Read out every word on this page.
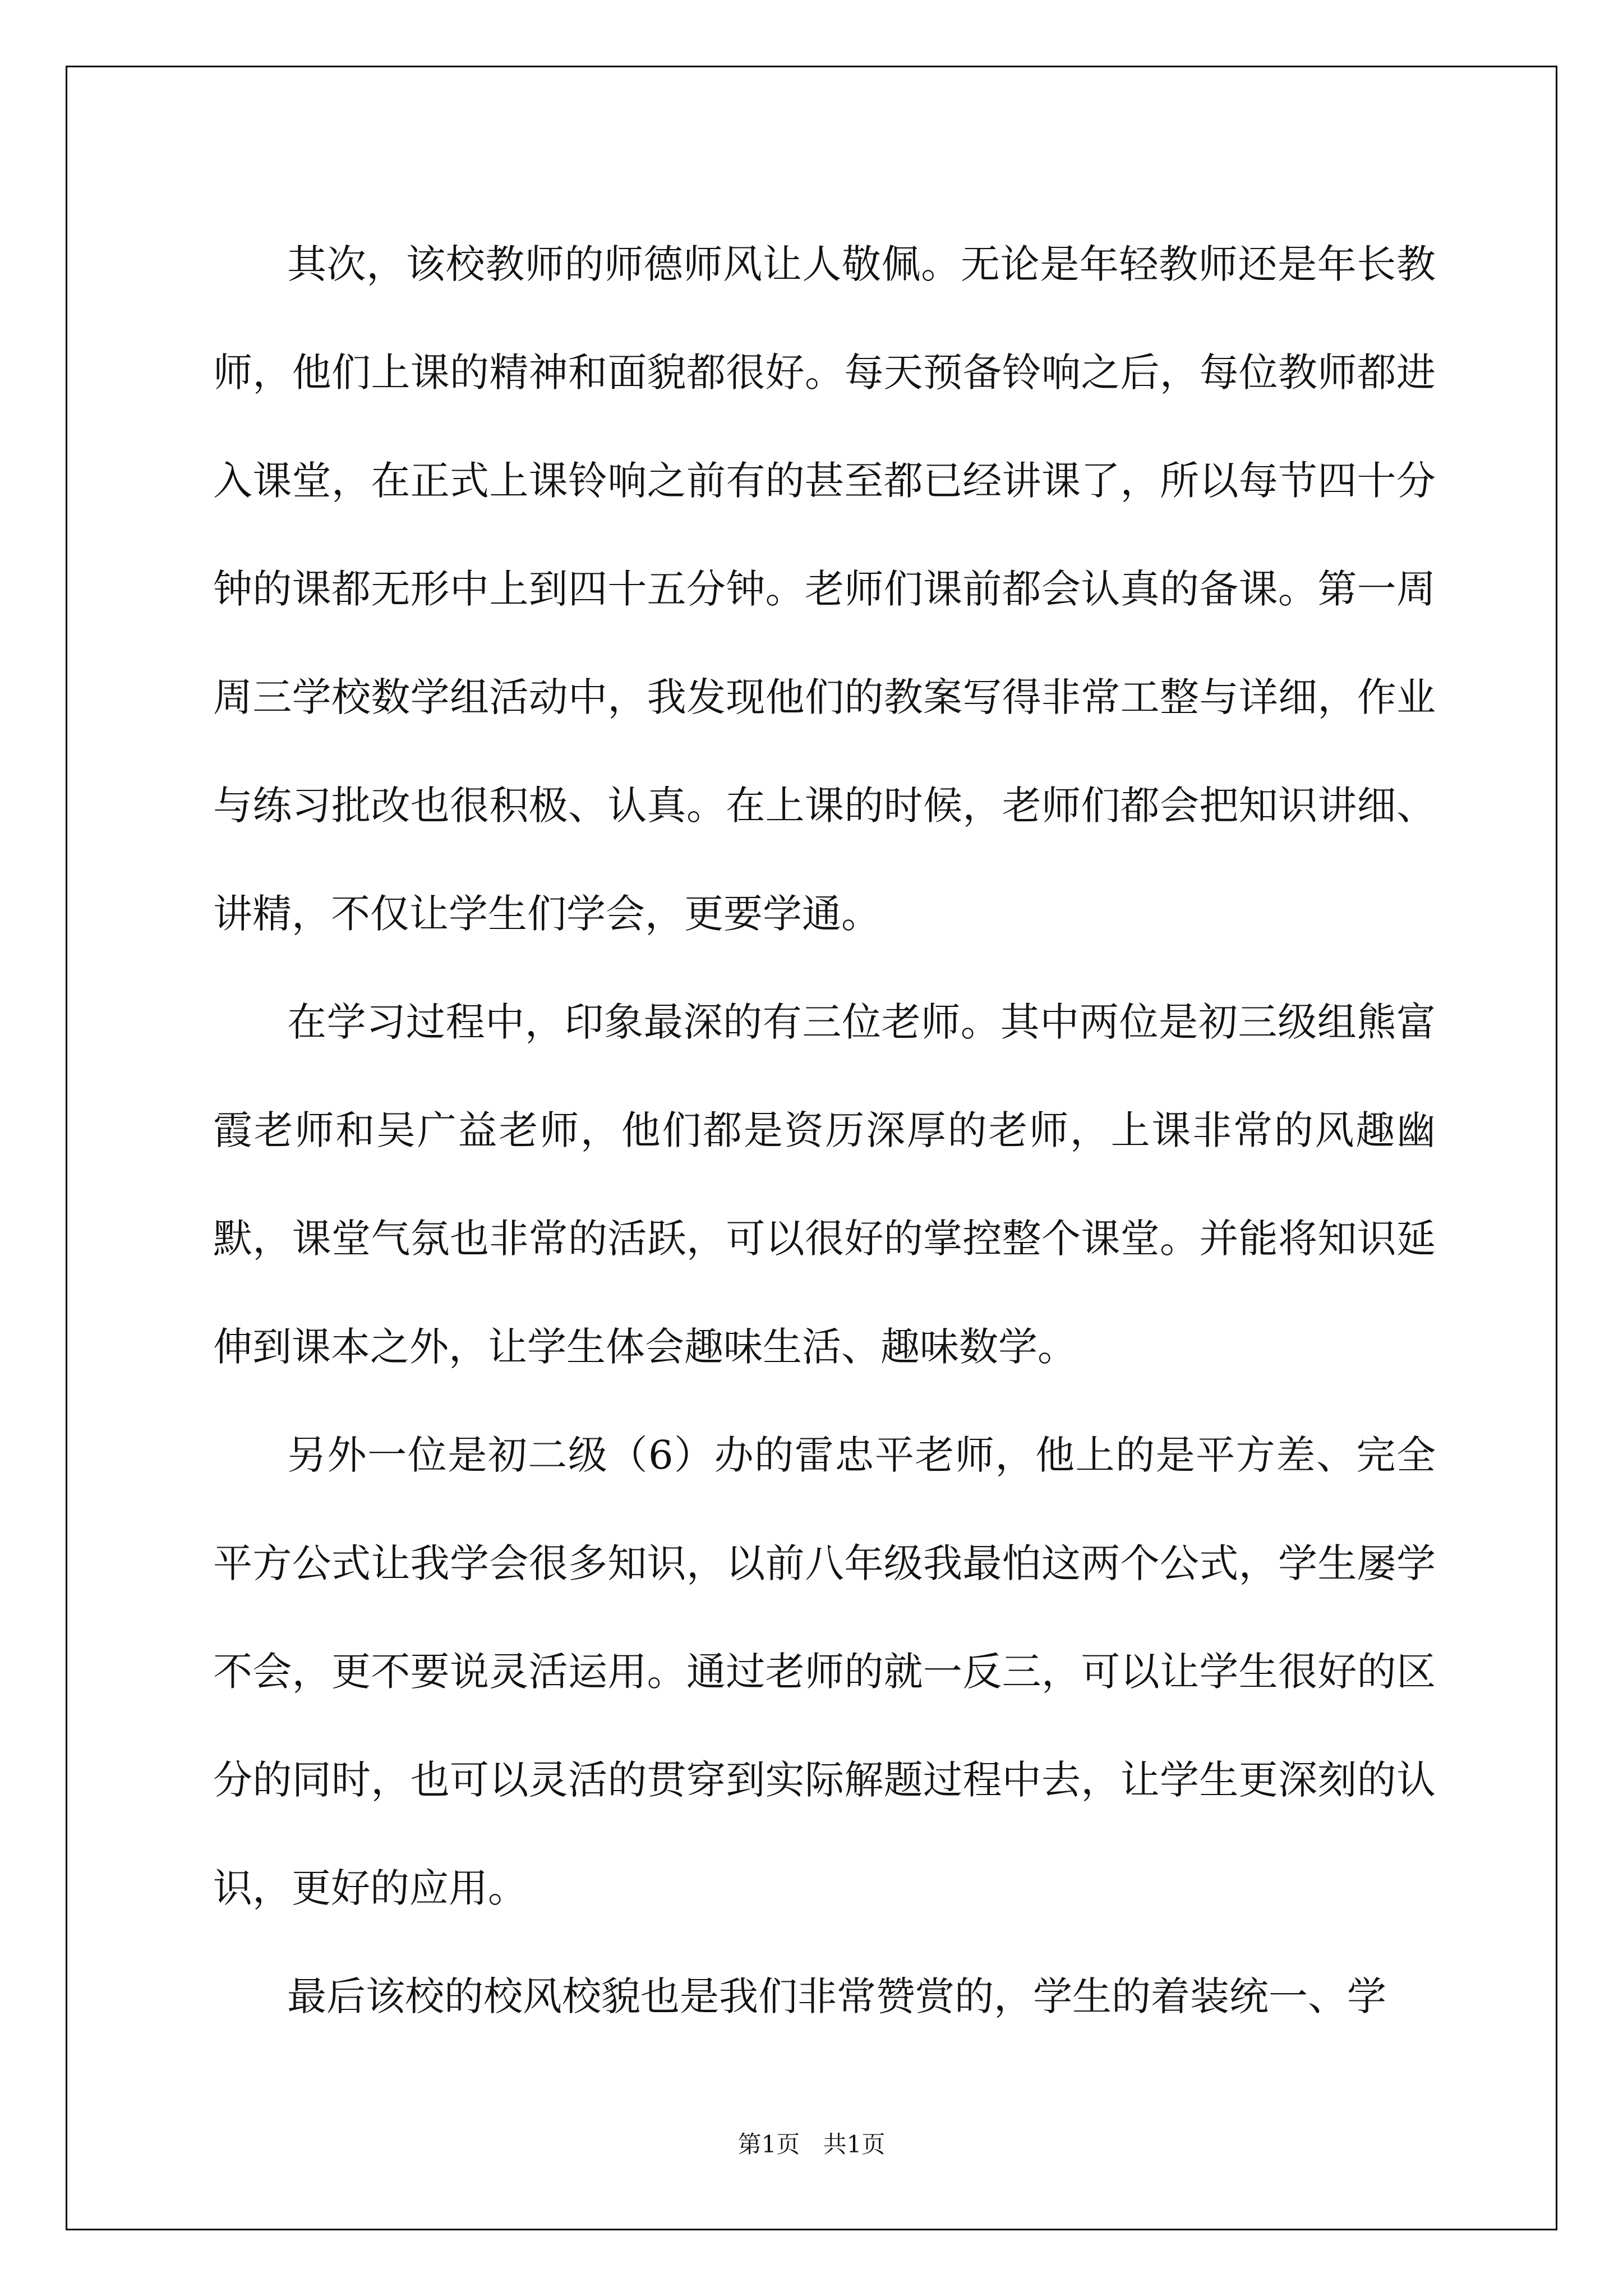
其次，该校教师的师德师风让人敬佩。无论是年轻教师还是年长教师，他们上课的精神和面貌都很好。每天预备铃响之后，每位教师都进入课堂，在正式上课铃响之前有的甚至都已经讲课了，所以每节四十分钟的课都无形中上到四十五分钟。老师们课前都会认真的备课。第一周周三学校数学组活动中，我发现他们的教案写得非常工整与详细，作业与练习批改也很积极、认真。在上课的时候，老师们都会把知识讲细、讲精，不仅让学生们学会，更要学通。

在学习过程中，印象最深的有三位老师。其中两位是初三级组熊富霞老师和吴广益老师，他们都是资历深厚的老师，上课非常的风趣幽默，课堂气氛也非常的活跃，可以很好的掌控整个课堂。并能将知识延伸到课本之外，让学生体会趣味生活、趣味数学。

另外一位是初二级（6）办的雷忠平老师，他上的是平方差、完全平方公式让我学会很多知识，以前八年级我最怕这两个公式，学生屡学不会，更不要说灵活运用。通过老师的就一反三，可以让学生很好的区分的同时，也可以灵活的贯穿到实际解题过程中去，让学生更深刻的认识，更好的应用。

最后该校的校风校貌也是我们非常赞赏的，学生的着装统一、学

第1页 共1页
